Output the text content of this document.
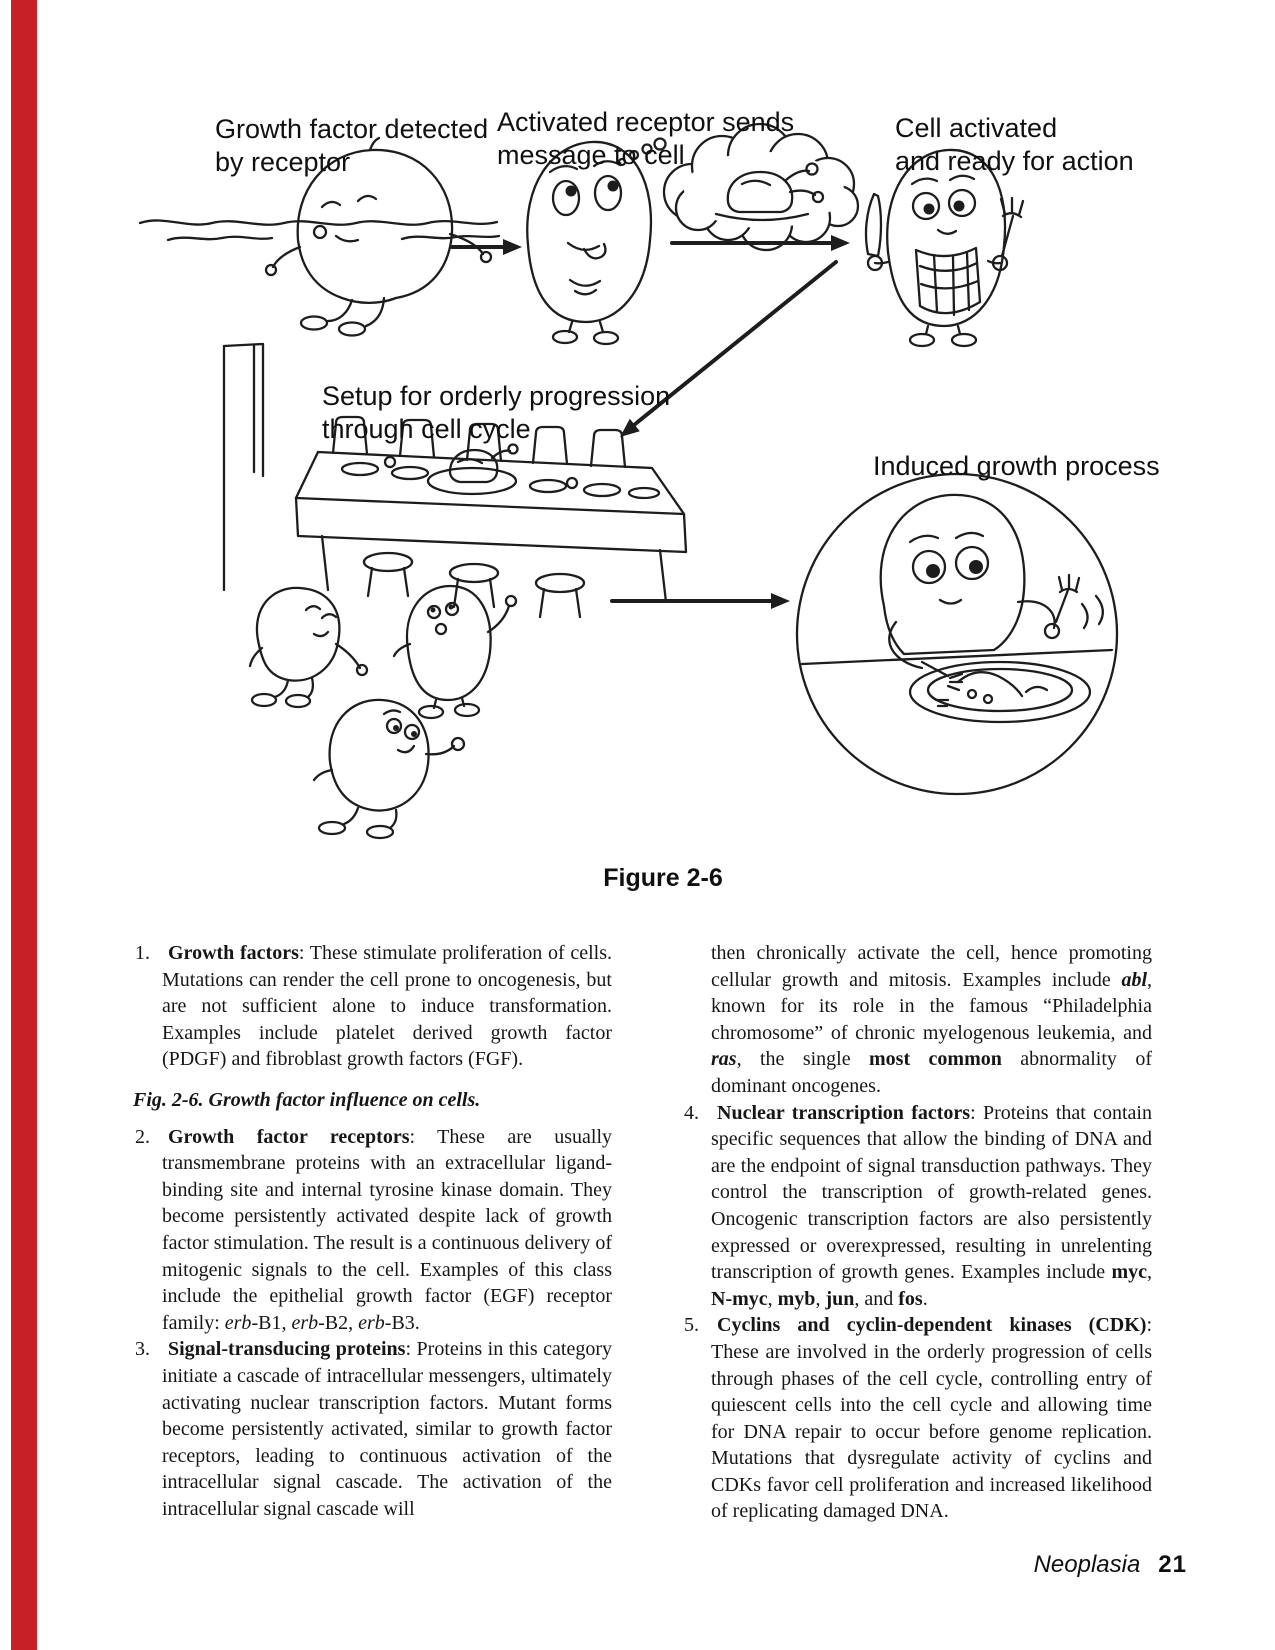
Growth factor detected
by receptor
Activated receptor sends
message to cell
Cell activated
and ready for action
Setup for orderly progression
through cell cycle
Induced growth process
Figure 2-6
1. Growth factors: These stimulate proliferation of cells. Mutations can render the cell prone to oncogenesis, but are not sufficient alone to induce transformation. Examples include platelet derived growth factor (PDGF) and fibroblast growth factors (FGF).

Fig. 2-6. Growth factor influence on cells.

2. Growth factor receptors: These are usually transmembrane proteins with an extracellular ligand-binding site and internal tyrosine kinase domain. They become persistently activated despite lack of growth factor stimulation. The result is a continuous delivery of mitogenic signals to the cell. Examples of this class include the epithelial growth factor (EGF) receptor family: erb-B1, erb-B2, erb-B3.
3. Signal-transducing proteins: Proteins in this category initiate a cascade of intracellular messengers, ultimately activating nuclear transcription factors. Mutant forms become persistently activated, similar to growth factor receptors, leading to continuous activation of the intracellular signal cascade. The activation of the intracellular signal cascade will
then chronically activate the cell, hence promoting cellular growth and mitosis. Examples include abl, known for its role in the famous “Philadelphia chromosome” of chronic myelogenous leukemia, and ras, the single most common abnormality of dominant oncogenes.
4. Nuclear transcription factors: Proteins that contain specific sequences that allow the binding of DNA and are the endpoint of signal transduction pathways. They control the transcription of growth-related genes. Oncogenic transcription factors are also persistently expressed or overexpressed, resulting in unrelenting transcription of growth genes. Examples include myc, N-myc, myb, jun, and fos.
5. Cyclins and cyclin-dependent kinases (CDK): These are involved in the orderly progression of cells through phases of the cell cycle, controlling entry of quiescent cells into the cell cycle and allowing time for DNA repair to occur before genome replication. Mutations that dysregulate activity of cyclins and CDKs favor cell proliferation and increased likelihood of replicating damaged DNA.
Neoplasia 21
